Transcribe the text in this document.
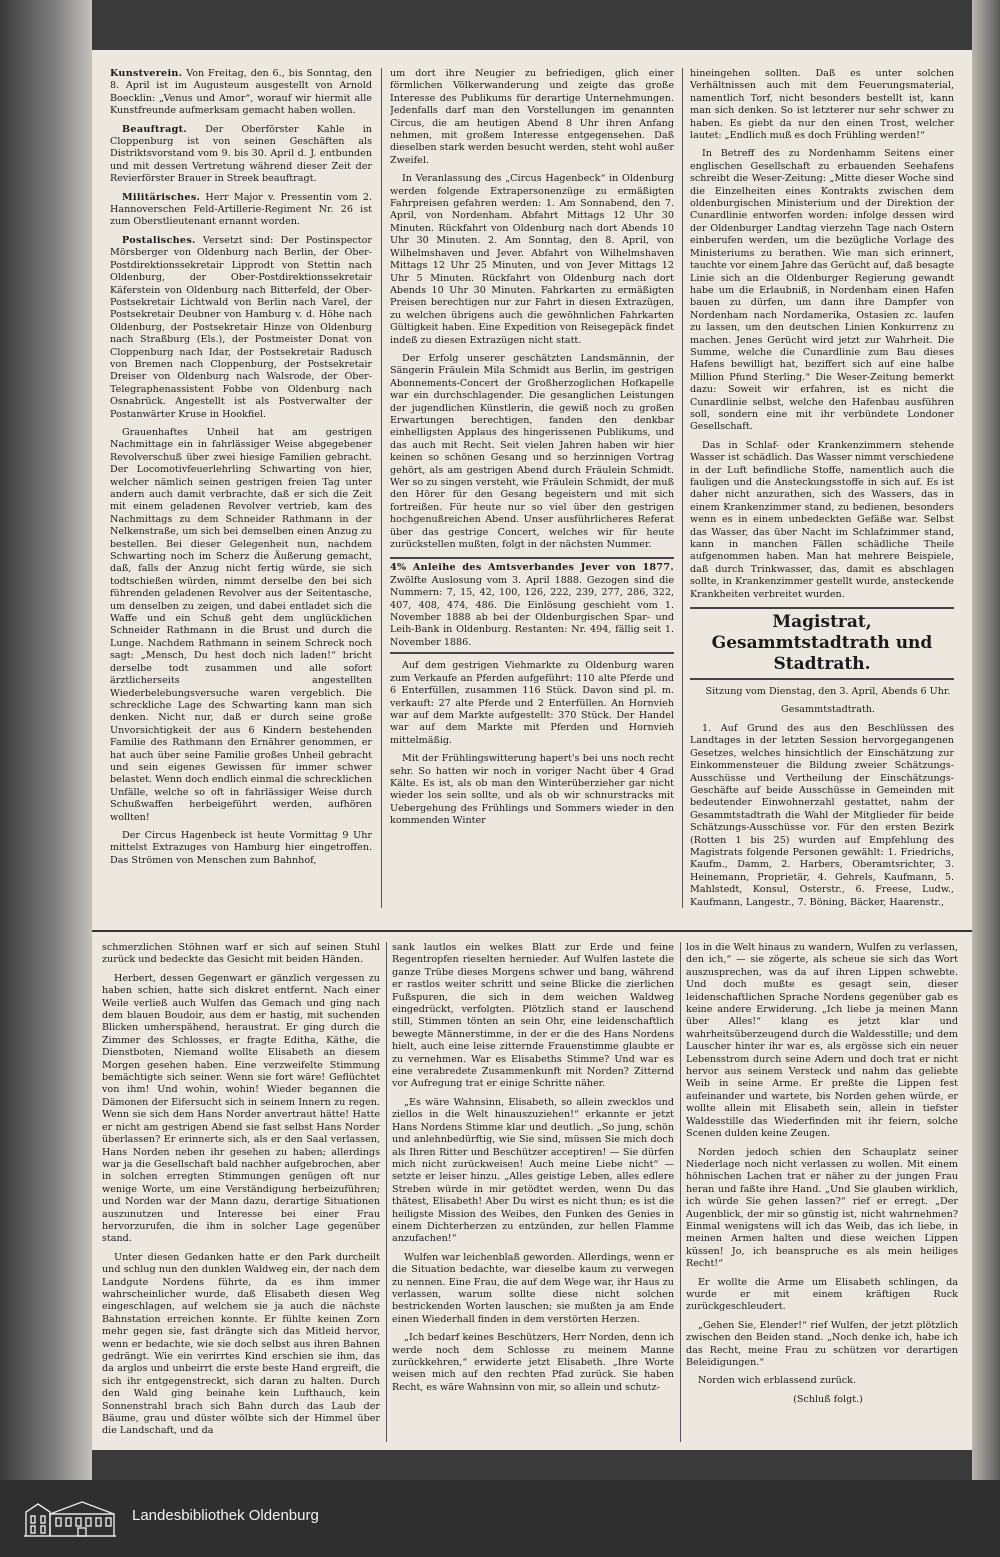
Kunstverein. Von Freitag, den 6., bis Sonntag, den 8. April ist im Augusteum ausgestellt von Arnold Boecklin: „Venus und Amor“, worauf wir hiermit alle Kunstfreunde aufmerksam gemacht haben wollen.

Beauftragt. Der Oberförster Kahle in Cloppenburg ist von seinen Geschäften als Distriktsvorstand vom 9. bis 30. April d. J. entbunden und mit dessen Vertretung während dieser Zeit der Revierförster Brauer in Streek beauftragt.

Militärisches. Herr Major v. Pressentin vom 2. Hannoverschen Feld-Artillerie-Regiment Nr. 26 ist zum Oberstlieutenant ernannt worden.

Postalisches. Versetzt sind: Der Postinspector Mörsberger von Oldenburg nach Berlin, der Ober-Postdirektionssekretair Lipprodt von Stettin nach Oldenburg, der Ober-Postdirektionssekretair Käferstein von Oldenburg nach Bitterfeld, der Ober-Postsekretair Lichtwald von Berlin nach Varel, der Postsekretair Deubner von Hamburg v. d. Höhe nach Oldenburg, der Postsekretair Hinze von Oldenburg nach Straßburg (Els.), der Postmeister Donat von Cloppenburg nach Idar, der Postsekretair Radusch von Bremen nach Cloppenburg, der Postsekretair Dreiser von Oldenburg nach Walsrode, der Ober-Telegraphenassistent Fobbe von Oldenburg nach Osnabrück. Angestellt ist als Postverwalter der Postanwärter Kruse in Hookfiel.

Grauenhaftes Unheil hat am gestrigen Nachmittage ein in fahrlässiger Weise abgegebener Revolverschuß über zwei hiesige Familien gebracht. Der Locomotivfeuerlehrling Schwarting von hier, welcher nämlich seinen gestrigen freien Tag unter andern auch damit verbrachte, daß er sich die Zeit mit einem geladenen Revolver vertrieb, kam des Nachmittags zu dem Schneider Rathmann in der Nelkenstraße, um sich bei demselben einen Anzug zu bestellen. Bei dieser Gelegenheit nun, nachdem Schwarting noch im Scherz die Äußerung gemacht, daß, falls der Anzug nicht fertig würde, sie sich todtschießen würden, nimmt derselbe den bei sich führenden geladenen Revolver aus der Seitentasche, um denselben zu zeigen, und dabei entladet sich die Waffe und ein Schuß geht dem unglücklichen Schneider Rathmann in die Brust und durch die Lunge. Nachdem Rathmann in seinem Schreck noch sagt: „Mensch, Du hest doch nich laden!“ bricht derselbe todt zusammen und alle sofort ärztlicherseits angestellten Wiederbelebungsversuche waren vergeblich. Die schreckliche Lage des Schwarting kann man sich denken. Nicht nur, daß er durch seine große Unvorsichtigkeit der aus 6 Kindern bestehenden Familie des Rathmann den Ernährer genommen, er hat auch über seine Familie großes Unheil gebracht und sein eigenes Gewissen für immer schwer belastet. Wenn doch endlich einmal die schrecklichen Unfälle, welche so oft in fahrlässiger Weise durch Schußwaffen herbeigeführt werden, aufhören wollten!

Der Circus Hagenbeck ist heute Vormittag 9 Uhr mittelst Extrazuges von Hamburg hier eingetroffen. Das Strömen von Menschen zum Bahnhof,

um dort ihre Neugier zu befriedigen, glich einer förmlichen Völkerwanderung und zeigte das große Interesse des Publikums für derartige Unternehmungen. Jedenfalls darf man den Vorstellungen im genannten Circus, die am heutigen Abend 8 Uhr ihren Anfang nehmen, mit großem Interesse entgegensehen. Daß dieselben stark werden besucht werden, steht wohl außer Zweifel.

In Veranlassung des „Circus Hagenbeck“ in Oldenburg werden folgende Extrapersonenzüge zu ermäßigten Fahrpreisen gefahren werden: 1. Am Sonnabend, den 7. April, von Nordenham. Abfahrt Mittags 12 Uhr 30 Minuten. Rückfahrt von Oldenburg nach dort Abends 10 Uhr 30 Minuten. 2. Am Sonntag, den 8. April, von Wilhelmshaven und Jever. Abfahrt von Wilhelmshaven Mittags 12 Uhr 25 Minuten, und von Jever Mittags 12 Uhr 5 Minuten. Rückfahrt von Oldenburg nach dort Abends 10 Uhr 30 Minuten. Fahrkarten zu ermäßigten Preisen berechtigen nur zur Fahrt in diesen Extrazügen, zu welchen übrigens auch die gewöhnlichen Fahrkarten Gültigkeit haben. Eine Expedition von Reisegepäck findet indeß zu diesen Extrazügen nicht statt.

Der Erfolg unserer geschätzten Landsmännin, der Sängerin Fräulein Mila Schmidt aus Berlin, im gestrigen Abonnements-Concert der Großherzoglichen Hofkapelle war ein durchschlagender. Die gesanglichen Leistungen der jugendlichen Künstlerin, die gewiß noch zu großen Erwartungen berechtigen, fanden den denkbar einhelligsten Applaus des hingerissenen Publikums, und das auch mit Recht. Seit vielen Jahren haben wir hier keinen so schönen Gesang und so herzinnigen Vortrag gehört, als am gestrigen Abend durch Fräulein Schmidt. Wer so zu singen versteht, wie Fräulein Schmidt, der muß den Hörer für den Gesang begeistern und mit sich fortreißen. Für heute nur so viel über den gestrigen hochgenußreichen Abend. Unser ausführlicheres Referat über das gestrige Concert, welches wir für heute zurückstellen mußten, folgt in der nächsten Nummer.

4% Anleihe des Amtsverbandes Jever von 1877. Zwölfte Auslosung vom 3. April 1888. Gezogen sind die Nummern: 7, 15, 42, 100, 126, 222, 239, 277, 286, 322, 407, 408, 474, 486. Die Einlösung geschieht vom 1. November 1888 ab bei der Oldenburgischen Spar- und Leih-Bank in Oldenburg. Restanten: Nr. 494, fällig seit 1. November 1886.

Auf dem gestrigen Viehmarkte zu Oldenburg waren zum Verkaufe an Pferden aufgeführt: 110 alte Pferde und 6 Enterfüllen, zusammen 116 Stück. Davon sind pl. m. verkauft: 27 alte Pferde und 2 Enterfüllen. An Hornvieh war auf dem Markte aufgestellt: 370 Stück. Der Handel war auf dem Markte mit Pferden und Hornvieh mittelmäßig.

Mit der Frühlingswitterung hapert's bei uns noch recht sehr. So hatten wir noch in voriger Nacht über 4 Grad Kälte. Es ist, als ob man den Winterüberzieher gar nicht wieder los sein sollte, und als ob wir schnurstracks mit Uebergehung des Frühlings und Sommers wieder in den kommenden Winter

hineingehen sollten. Daß es unter solchen Verhältnissen auch mit dem Feuerungsmaterial, namentlich Torf, nicht besonders bestellt ist, kann man sich denken. So ist letzterer nur sehr schwer zu haben. Es giebt da nur den einen Trost, welcher lautet: „Endlich muß es doch Frühling werden!“

In Betreff des zu Nordenhamm Seitens einer englischen Gesellschaft zu erbauenden Seehafens schreibt die Weser-Zeitung: „Mitte dieser Woche sind die Einzelheiten eines Kontrakts zwischen dem oldenburgischen Ministerium und der Direktion der Cunardlinie entworfen worden: infolge dessen wird der Oldenburger Landtag vierzehn Tage nach Ostern einberufen werden, um die bezügliche Vorlage des Ministeriums zu berathen. Wie man sich erinnert, tauchte vor einem Jahre das Gerücht auf, daß besagte Linie sich an die Oldenburger Regierung gewandt habe um die Erlaubniß, in Nordenham einen Hafen bauen zu dürfen, um dann ihre Dampfer von Nordenham nach Nordamerika, Ostasien zc. laufen zu lassen, um den deutschen Linien Konkurrenz zu machen. Jenes Gerücht wird jetzt zur Wahrheit. Die Summe, welche die Cunardlinie zum Bau dieses Hafens bewilligt hat, beziffert sich auf eine halbe Million Pfund Sterling.“ Die Weser-Zeitung bemerkt dazu: Soweit wir erfahren, ist es nicht die Cunardlinie selbst, welche den Hafenbau ausführen soll, sondern eine mit ihr verbündete Londoner Gesellschaft.

Das in Schlaf- oder Krankenzimmern stehende Wasser ist schädlich. Das Wasser nimmt verschiedene in der Luft befindliche Stoffe, namentlich auch die fauligen und die Ansteckungsstoffe in sich auf. Es ist daher nicht anzurathen, sich des Wassers, das in einem Krankenzimmer stand, zu bedienen, besonders wenn es in einem unbedeckten Gefäße war. Selbst das Wasser, das über Nacht im Schlafzimmer stand, kann in manchen Fällen schädliche Theile aufgenommen haben. Man hat mehrere Beispiele, daß durch Trinkwasser, das, damit es abschlagen sollte, in Krankenzimmer gestellt wurde, ansteckende Krankheiten verbreitet wurden.

Magistrat, Gesammtstadtrath und Stadtrath.

Sitzung vom Dienstag, den 3. April, Abends 6 Uhr.

Gesammtstadtrath.

1. Auf Grund des aus den Beschlüssen des Landtages in der letzten Session hervorgegangenen Gesetzes, welches hinsichtlich der Einschätzung zur Einkommensteuer die Bildung zweier Schätzungs-Ausschüsse und Vertheilung der Einschätzungs-Geschäfte auf beide Ausschüsse in Gemeinden mit bedeutender Einwohnerzahl gestattet, nahm der Gesammtstadtrath die Wahl der Mitglieder für beide Schätzungs-Ausschüsse vor. Für den ersten Bezirk (Rotten 1 bis 25) wurden auf Empfehlung des Magistrats folgende Personen gewählt: 1. Friedrichs, Kaufm., Damm, 2. Harbers, Oberamtsrichter, 3. Heinemann, Proprietär, 4. Gehrels, Kaufmann, 5. Mahlstedt, Konsul, Osterstr., 6. Freese, Ludw., Kaufmann, Langestr., 7. Böning, Bäcker, Haarenstr.,

schmerzlichen Stöhnen warf er sich auf seinen Stuhl zurück und bedeckte das Gesicht mit beiden Händen.

Herbert, dessen Gegenwart er gänzlich vergessen zu haben schien, hatte sich diskret entfernt. Nach einer Weile verließ auch Wulfen das Gemach und ging nach dem blauen Boudoir, aus dem er hastig, mit suchenden Blicken umherspähend, heraustrat. Er ging durch die Zimmer des Schlosses, er fragte Editha, Käthe, die Dienstboten, Niemand wollte Elisabeth an diesem Morgen gesehen haben. Eine verzweifelte Stimmung bemächtigte sich seiner. Wenn sie fort wäre! Geflüchtet von ihm! Und wohin, wohin! Wieder begannen die Dämonen der Eifersucht sich in seinem Innern zu regen. Wenn sie sich dem Hans Norder anvertraut hätte! Hatte er nicht am gestrigen Abend sie fast selbst Hans Norder überlassen? Er erinnerte sich, als er den Saal verlassen, Hans Norden neben ihr gesehen zu haben; allerdings war ja die Gesellschaft bald nachher aufgebrochen, aber in solchen erregten Stimmungen genügen oft nur wenige Worte, um eine Verständigung herbeizuführen; und Norden war der Mann dazu, derartige Situationen auszunutzen und Interesse bei einer Frau hervorzurufen, die ihm in solcher Lage gegenüber stand.

Unter diesen Gedanken hatte er den Park durcheilt und schlug nun den dunklen Waldweg ein, der nach dem Landgute Nordens führte, da es ihm immer wahrscheinlicher wurde, daß Elisabeth diesen Weg eingeschlagen, auf welchem sie ja auch die nächste Bahnstation erreichen konnte. Er fühlte keinen Zorn mehr gegen sie, fast drängte sich das Mitleid hervor, wenn er bedachte, wie sie doch selbst aus ihren Bahnen gedrängt. Wie ein verirrtes Kind erschien sie ihm, das da arglos und unbeirrt die erste beste Hand ergreift, die sich ihr entgegenstreckt, sich daran zu halten. Durch den Wald ging beinahe kein Lufthauch, kein Sonnenstrahl brach sich Bahn durch das Laub der Bäume, grau und düster wölbte sich der Himmel über die Landschaft, und da

sank lautlos ein welkes Blatt zur Erde und feine Regentropfen rieselten hernieder. Auf Wulfen lastete die ganze Trübe dieses Morgens schwer und bang, während er rastlos weiter schritt und seine Blicke die zierlichen Fußspuren, die sich in dem weichen Waldweg eingedrückt, verfolgten. Plötzlich stand er lauschend still, Stimmen tönten an sein Ohr, eine leidenschaftlich bewegte Männerstimme, in der er die des Hans Nordens hielt, auch eine leise zitternde Frauenstimme glaubte er zu vernehmen. War es Elisabeths Stimme? Und war es eine verabredete Zusammenkunft mit Norden? Zitternd vor Aufregung trat er einige Schritte näher.

„Es wäre Wahnsinn, Elisabeth, so allein zwecklos und ziellos in die Welt hinauszuziehen!“ erkannte er jetzt Hans Nordens Stimme klar und deutlich. „So jung, schön und anlehnbedürftig, wie Sie sind, müssen Sie mich doch als Ihren Ritter und Beschützer acceptiren! — Sie dürfen mich nicht zurückweisen! Auch meine Liebe nicht“ — setzte er leiser hinzu. „Alles geistige Leben, alles edlere Streben würde in mir getödtet werden, wenn Du das thätest, Elisabeth! Aber Du wirst es nicht thun; es ist die heiligste Mission des Weibes, den Funken des Genies in einem Dichterherzen zu entzünden, zur hellen Flamme anzufachen!“

Wulfen war leichenblaß geworden. Allerdings, wenn er die Situation bedachte, war dieselbe kaum zu verwegen zu nennen. Eine Frau, die auf dem Wege war, ihr Haus zu verlassen, warum sollte diese nicht solchen bestrickenden Worten lauschen; sie mußten ja am Ende einen Wiederhall finden in dem verstörten Herzen.

„Ich bedarf keines Beschützers, Herr Norden, denn ich werde noch dem Schlosse zu meinem Manne zurückkehren,“ erwiderte jetzt Elisabeth. „Ihre Worte weisen mich auf den rechten Pfad zurück. Sie haben Recht, es wäre Wahnsinn von mir, so allein und schutz-

los in die Welt hinaus zu wandern, Wulfen zu verlassen, den ich,“ — sie zögerte, als scheue sie sich das Wort auszusprechen, was da auf ihren Lippen schwebte. Und doch mußte es gesagt sein, dieser leidenschaftlichen Sprache Nordens gegenüber gab es keine andere Erwiderung. „Ich liebe ja meinen Mann über Alles!“ klang es jetzt klar und wahrheitsüberzeugend durch die Waldesstille; und dem Lauscher hinter ihr war es, als ergösse sich ein neuer Lebensstrom durch seine Adern und doch trat er nicht hervor aus seinem Versteck und nahm das geliebte Weib in seine Arme. Er preßte die Lippen fest aufeinander und wartete, bis Norden gehen würde, er wollte allein mit Elisabeth sein, allein in tiefster Waldesstille das Wiederfinden mit ihr feiern, solche Scenen dulden keine Zeugen.

Norden jedoch schien den Schauplatz seiner Niederlage noch nicht verlassen zu wollen. Mit einem höhnischen Lachen trat er näher zu der jungen Frau heran und faßte ihre Hand. „Und Sie glauben wirklich, ich würde Sie gehen lassen?“ rief er erregt. „Der Augenblick, der mir so günstig ist, nicht wahrnehmen? Einmal wenigstens will ich das Weib, das ich liebe, in meinen Armen halten und diese weichen Lippen küssen! Jo, ich beanspruche es als mein heiliges Recht!“

Er wollte die Arme um Elisabeth schlingen, da wurde er mit einem kräftigen Ruck zurückgeschleudert.

„Gehen Sie, Elender!“ rief Wulfen, der jetzt plötzlich zwischen den Beiden stand. „Noch denke ich, habe ich das Recht, meine Frau zu schützen vor derartigen Beleidigungen.“

Norden wich erblassend zurück.

(Schluß folgt.)

Landesbibliothek Oldenburg
